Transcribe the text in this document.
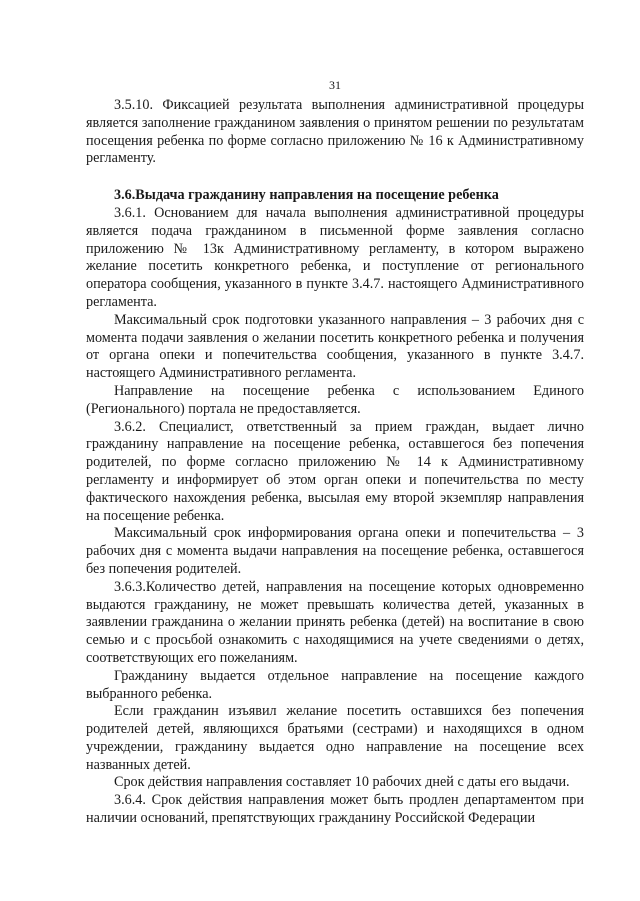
31

3.5.10. Фиксацией результата выполнения административной процедуры является заполнение гражданином заявления о принятом решении по результатам посещения ребенка по форме согласно приложению № 16 к Административному регламенту.

3.6.Выдача гражданину направления на посещение ребенка

3.6.1. Основанием для начала выполнения административной процедуры является подача гражданином в письменной форме заявления согласно приложению № 13к Административному регламенту, в котором выражено желание посетить конкретного ребенка, и поступление от регионального оператора сообщения, указанного в пункте 3.4.7. настоящего Административного регламента.

Максимальный срок подготовки указанного направления – 3 рабочих дня с момента подачи заявления о желании посетить конкретного ребенка и получения от органа опеки и попечительства сообщения, указанного в пункте 3.4.7. настоящего Административного регламента.

Направление на посещение ребенка с использованием Единого (Регионального) портала не предоставляется.

3.6.2. Специалист, ответственный за прием граждан, выдает лично гражданину направление на посещение ребенка, оставшегося без попечения родителей, по форме согласно приложению № 14 к Административному регламенту и информирует об этом орган опеки и попечительства по месту фактического нахождения ребенка, высылая ему второй экземпляр направления на посещение ребенка.

Максимальный срок информирования органа опеки и попечительства – 3 рабочих дня с момента выдачи направления на посещение ребенка, оставшегося без попечения родителей.

3.6.3.Количество детей, направления на посещение которых одновременно выдаются гражданину, не может превышать количества детей, указанных в заявлении гражданина о желании принять ребенка (детей) на воспитание в свою семью и с просьбой ознакомить с находящимися на учете сведениями о детях, соответствующих его пожеланиям.

Гражданину выдается отдельное направление на посещение каждого выбранного ребенка.

Если гражданин изъявил желание посетить оставшихся без попечения родителей детей, являющихся братьями (сестрами) и находящихся в одном учреждении, гражданину выдается одно направление на посещение всех названных детей.

Срок действия направления составляет 10 рабочих дней с даты его выдачи.

3.6.4. Срок действия направления может быть продлен департаментом при наличии оснований, препятствующих гражданину Российской Федерации
